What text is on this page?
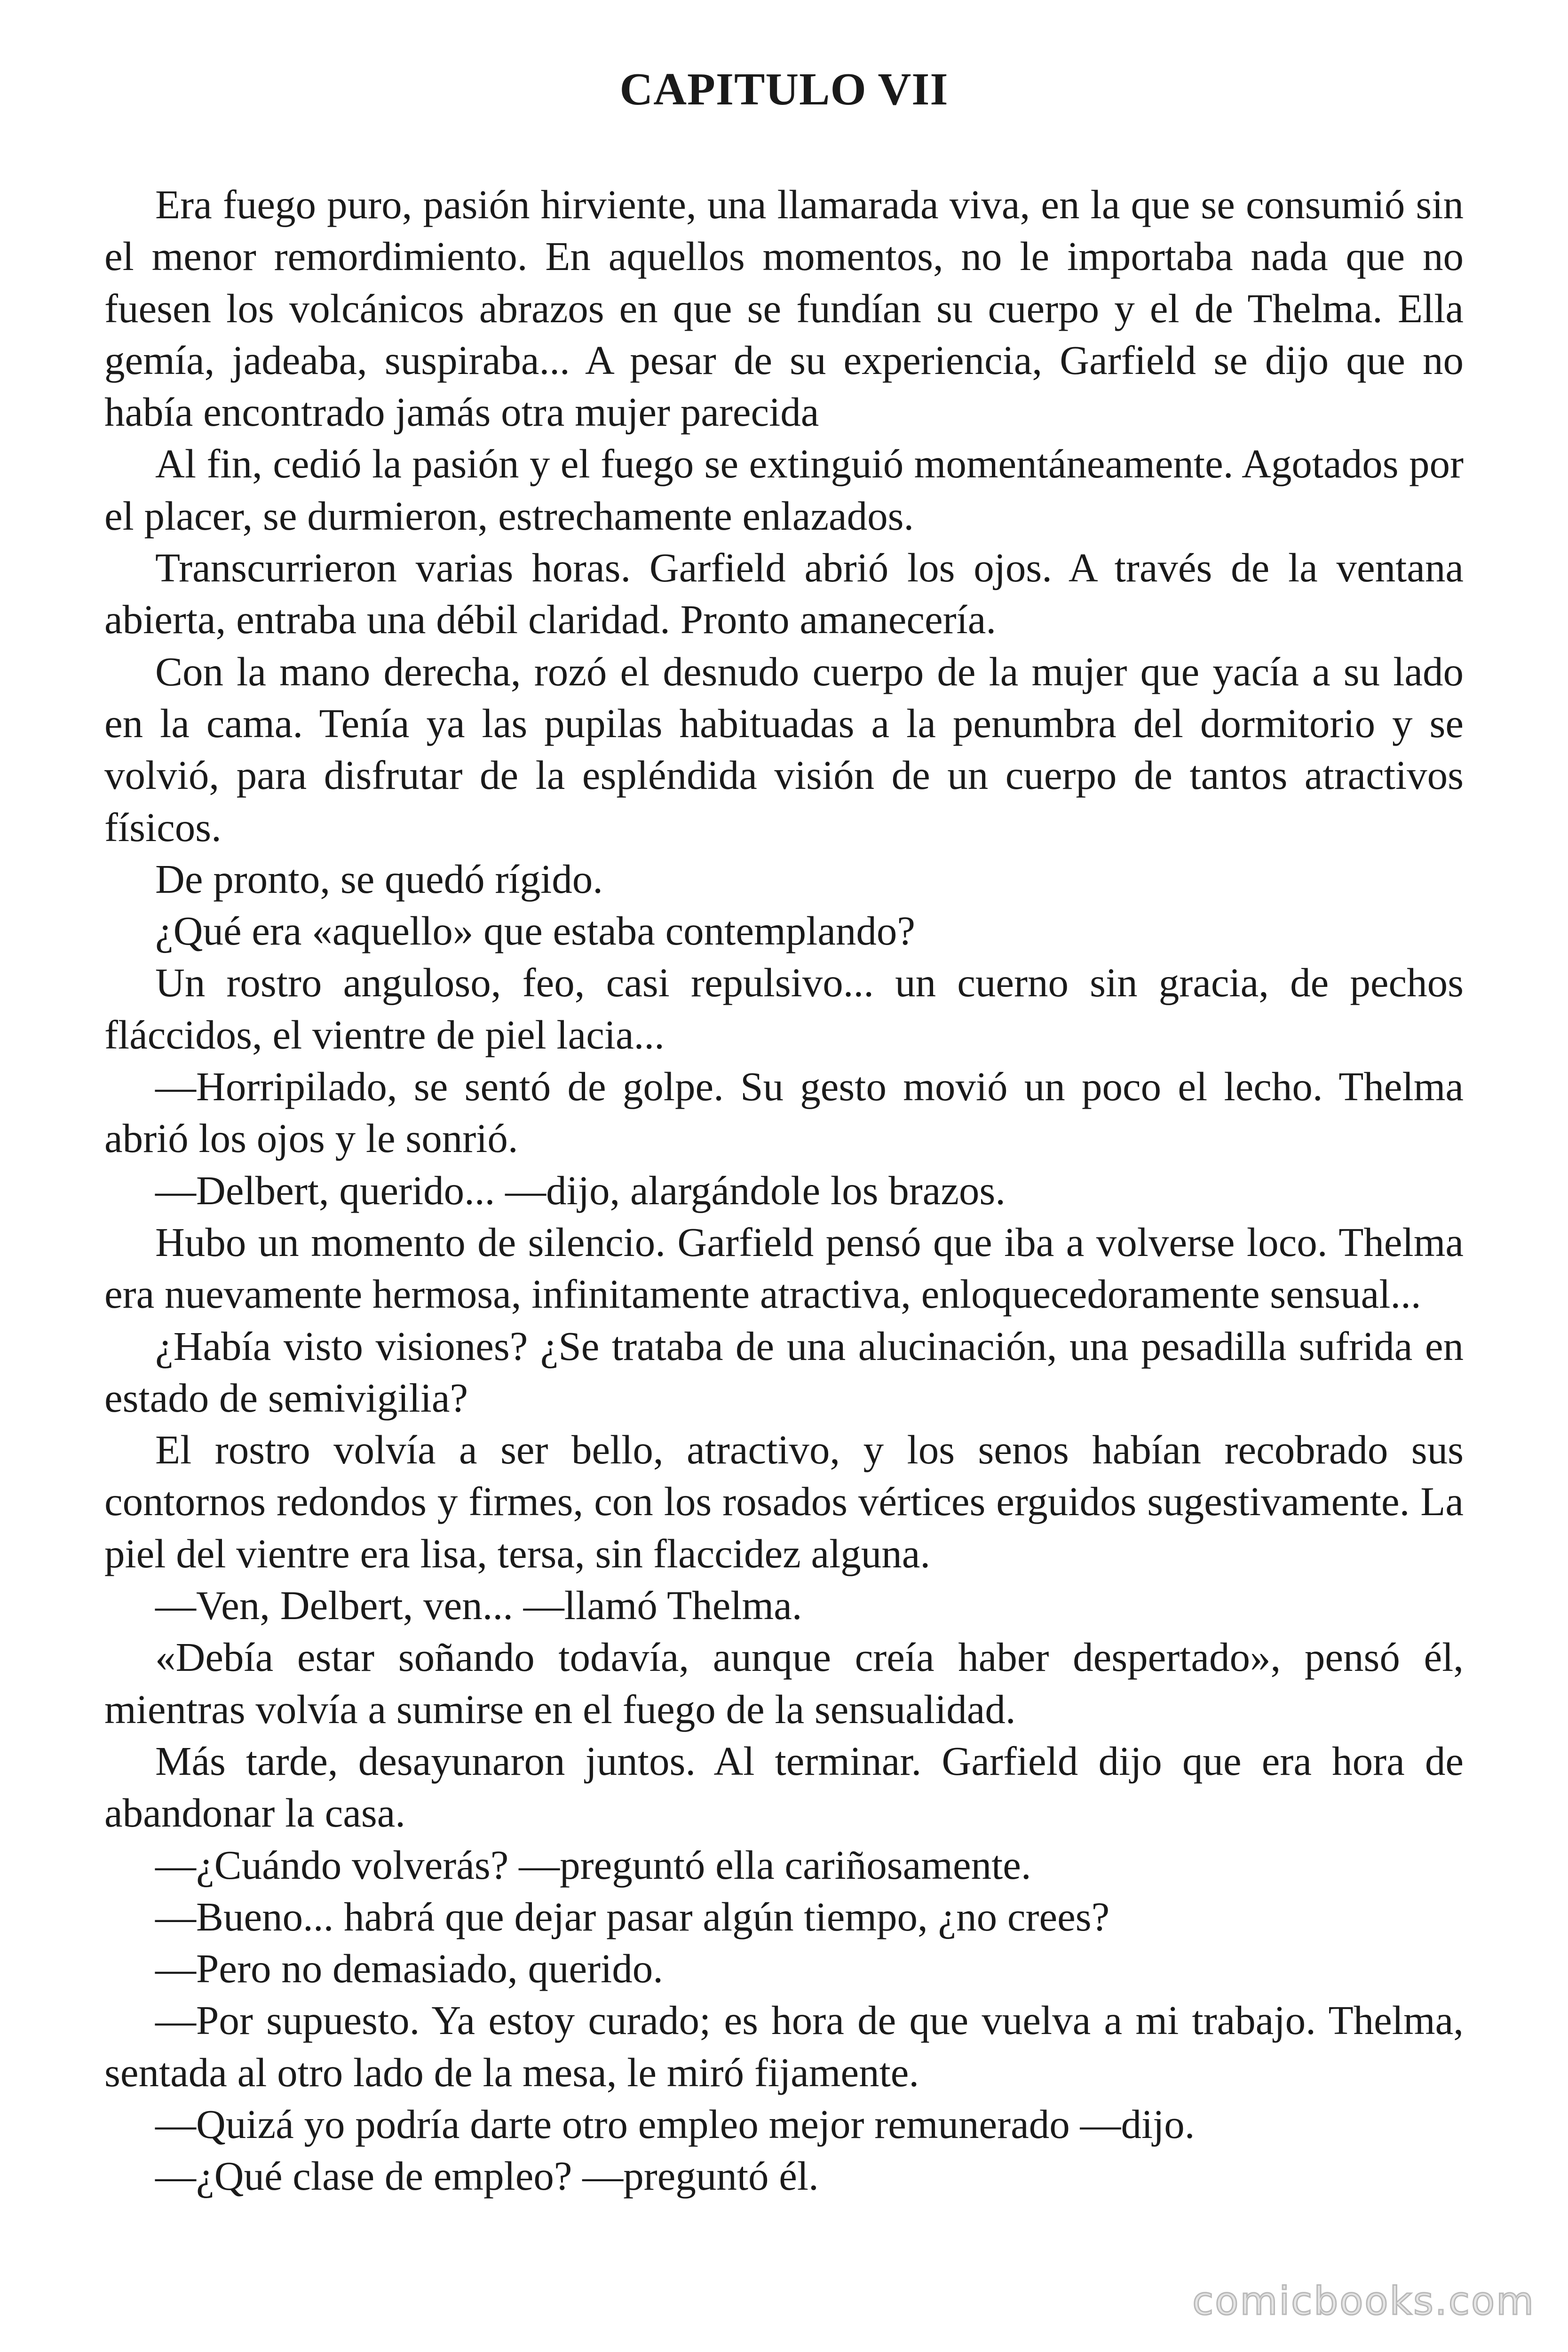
CAPITULO VII

Era fuego puro, pasión hirviente, una llamarada viva, en la que se consumió sin el menor remordimiento. En aquellos momentos, no le importaba nada que no fuesen los volcánicos abrazos en que se fundían su cuerpo y el de Thelma. Ella gemía, jadeaba, suspiraba... A pesar de su experiencia, Garfield se dijo que no había encontrado jamás otra mujer parecida

Al fin, cedió la pasión y el fuego se extinguió momentáneamente. Agotados por el placer, se durmieron, estrechamente enlazados.

Transcurrieron varias horas. Garfield abrió los ojos. A través de la ventana abierta, entraba una débil claridad. Pronto amanecería.

Con la mano derecha, rozó el desnudo cuerpo de la mujer que yacía a su lado en la cama. Tenía ya las pupilas habituadas a la penumbra del dormitorio y se volvió, para disfrutar de la espléndida visión de un cuerpo de tantos atractivos físicos.

De pronto, se quedó rígido.

¿Qué era «aquello» que estaba contemplando?

Un rostro anguloso, feo, casi repulsivo... un cuerno sin gracia, de pechos fláccidos, el vientre de piel lacia...

—Horripilado, se sentó de golpe. Su gesto movió un poco el lecho. Thelma abrió los ojos y le sonrió.

—Delbert, querido... —dijo, alargándole los brazos.

Hubo un momento de silencio. Garfield pensó que iba a volverse loco. Thelma era nuevamente hermosa, infinitamente atractiva, enloquecedoramente sensual...

¿Había visto visiones? ¿Se trataba de una alucinación, una pesadilla sufrida en estado de semivigilia?

El rostro volvía a ser bello, atractivo, y los senos habían recobrado sus contornos redondos y firmes, con los rosados vértices erguidos sugestivamente. La piel del vientre era lisa, tersa, sin flaccidez alguna.

—Ven, Delbert, ven... —llamó Thelma.

«Debía estar soñando todavía, aunque creía haber despertado», pensó él, mientras volvía a sumirse en el fuego de la sensualidad.

Más tarde, desayunaron juntos. Al terminar. Garfield dijo que era hora de abandonar la casa.

—¿Cuándo volverás? —preguntó ella cariñosamente.

—Bueno... habrá que dejar pasar algún tiempo, ¿no crees?

—Pero no demasiado, querido.

—Por supuesto. Ya estoy curado; es hora de que vuelva a mi trabajo. Thelma, sentada al otro lado de la mesa, le miró fijamente.

—Quizá yo podría darte otro empleo mejor remunerado —dijo.

—¿Qué clase de empleo? —preguntó él.

comicbooks.com
